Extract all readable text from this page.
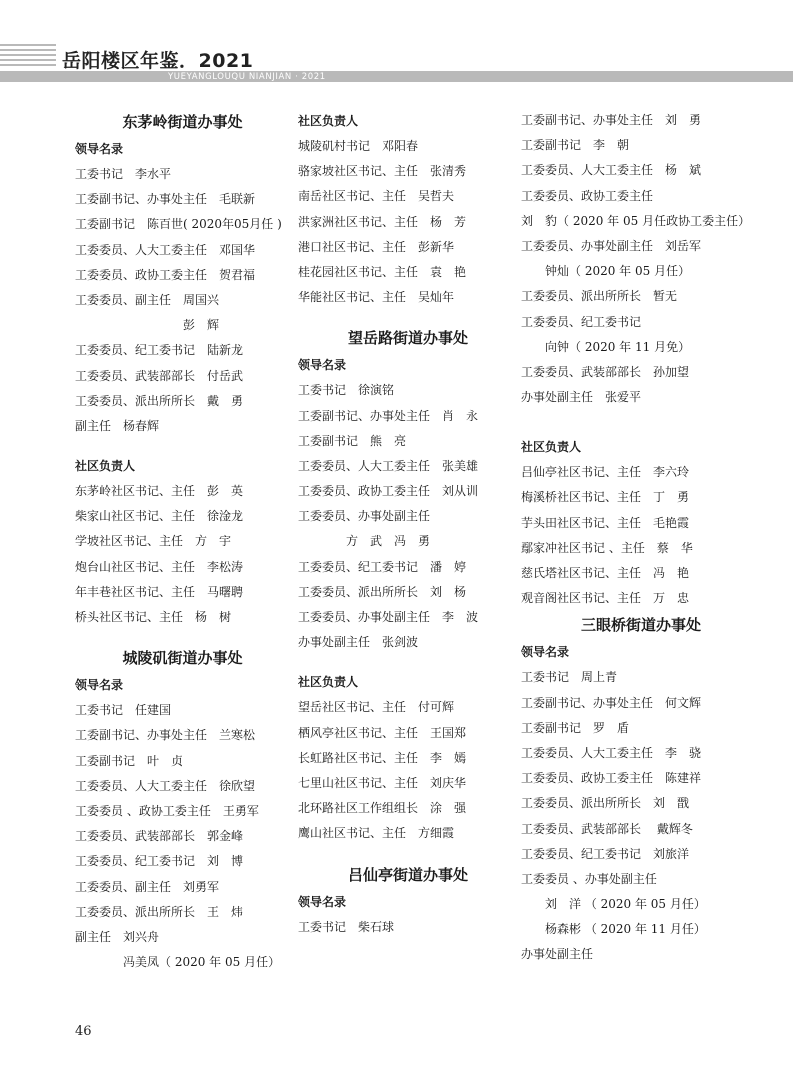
岳阳楼区年鉴．2021

YUEYANGLOUQU NIANJIAN · 2021

东茅岭街道办事处
领导名录
工委书记　李水平
工委副书记、办事处主任　毛联新
工委副书记　陈百世( 2020年05月任 )
工委委员、人大工委主任　邓国华
工委委员、政协工委主任　贺君福
工委委员、副主任　周国兴
　　　　　　　　　彭　辉
工委委员、纪工委书记　陆新龙
工委委员、武装部部长　付岳武
工委委员、派出所所长　戴　勇
副主任　杨春辉
社区负责人
东茅岭社区书记、主任　彭　英
柴家山社区书记、主任　徐淦龙
学坡社区书记、主任　方　宇
炮台山社区书记、主任　李松涛
年丰巷社区书记、主任　马曙聘
桥头社区书记、主任　杨　树
城陵矶街道办事处
领导名录
工委书记　任建国
工委副书记、办事处主任　兰寒松
工委副书记　叶　贞
工委委员、人大工委主任　徐欣望
工委委员 、政协工委主任　王勇军
工委委员、武装部部长　郭金峰
工委委员、纪工委书记　刘　博
工委委员、副主任　刘勇军
工委委员、派出所所长　王　炜
副主任　刘兴舟
　　　　冯美凤（ 2020 年 05 月任）
社区负责人
城陵矶村书记　邓阳春
骆家坡社区书记、主任　张清秀
南岳社区书记、主任　吴哲夫
洪家洲社区书记、主任　杨　芳
港口社区书记、主任　彭新华
桂花园社区书记、主任　袁　艳
华能社区书记、主任　吴灿年
望岳路街道办事处
领导名录
工委书记　徐演铭
工委副书记、办事处主任　肖　永
工委副书记　熊　亮
工委委员、人大工委主任　张美雄
工委委员、政协工委主任　刘从训
工委委员、办事处副主任
　　　　方　武　冯　勇
工委委员、纪工委书记　潘　婷
工委委员、派出所所长　刘　杨
工委委员、办事处副主任　李　波
办事处副主任　张剑波
社区负责人
望岳社区书记、主任　付可辉
栖风亭社区书记、主任　王国郑
长虹路社区书记、主任　李　嫣
七里山社区书记、主任　刘庆华
北环路社区工作组组长　涂　强
鹰山社区书记、主任　方细霞
吕仙亭街道办事处
领导名录
工委书记　柴石球
工委副书记、办事处主任　刘　勇
工委副书记　李　朝
工委委员、人大工委主任　杨　斌
工委委员、政协工委主任
刘　豹（ 2020 年 05 月任政协工委主任）
工委委员、办事处副主任　刘岳军
　　钟灿（ 2020 年 05 月任）
工委委员、派出所所长　暂无
工委委员、纪工委书记
　　向钟（ 2020 年 11 月免）
工委委员、武装部部长　孙加望
办事处副主任　张爱平
社区负责人
吕仙亭社区书记、主任　李六玲
梅溪桥社区书记、主任　丁　勇
芋头田社区书记、主任　毛艳霞
鄢家冲社区书记 、主任　蔡　华
慈氏塔社区书记、主任　冯　艳
观音阁社区书记、主任　万　忠
三眼桥街道办事处
领导名录
工委书记　周上青
工委副书记、办事处主任　何文辉
工委副书记　罗　盾
工委委员、人大工委主任　李　骁
工委委员、政协工委主任　陈建祥
工委委员、派出所所长　刘　戬
工委委员、武装部部长　 戴辉冬
工委委员、纪工委书记　刘旅洋
工委委员 、办事处副主任
　　刘　洋 （ 2020 年 05 月任）
　　杨森彬 （ 2020 年 11 月任）
办事处副主任

46
